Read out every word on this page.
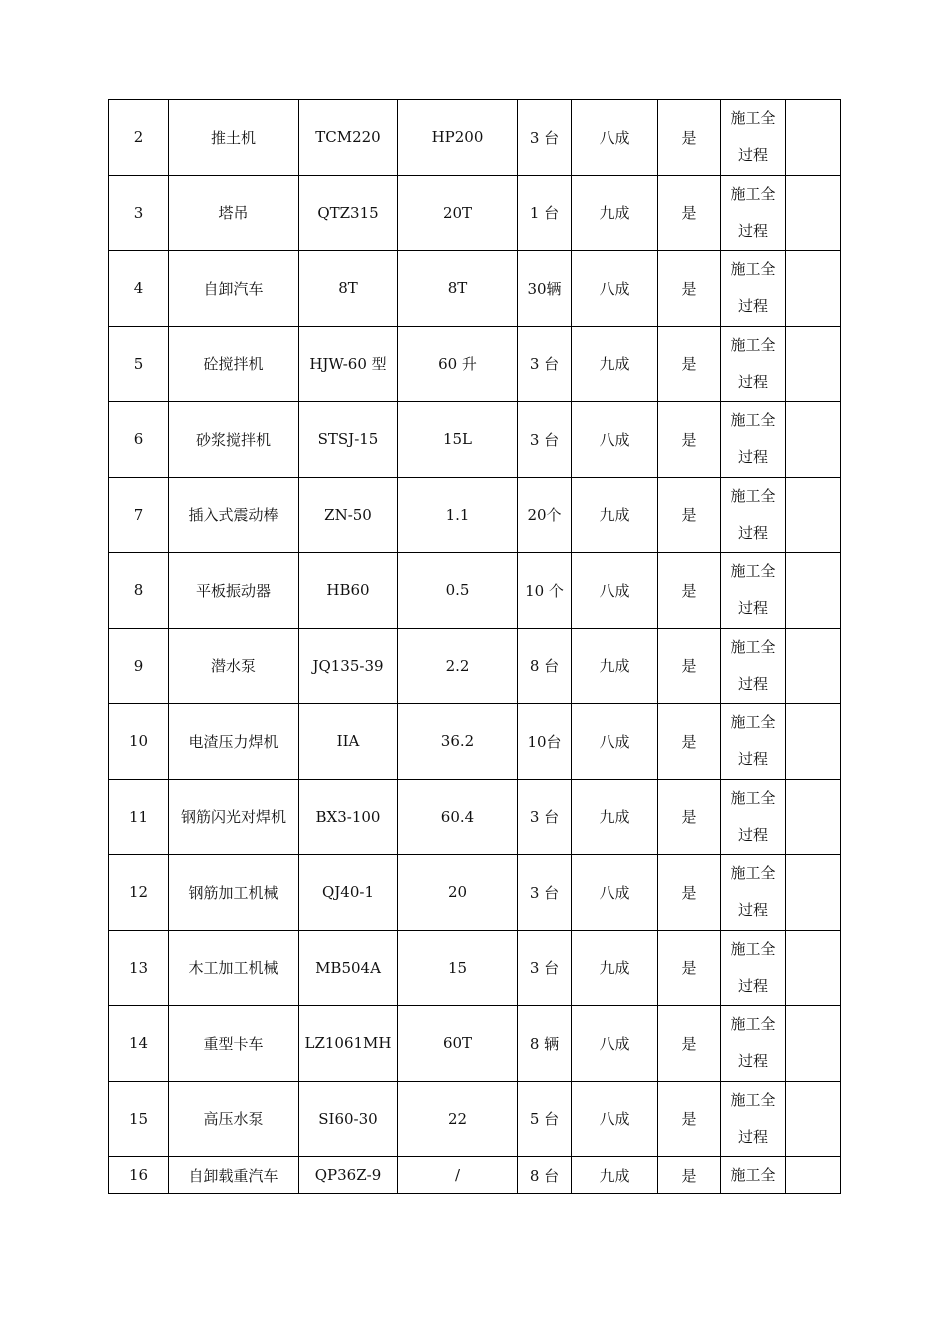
2	推土机	TCM220	HP200	3 台	八成	是	施工全过程	

3	塔吊	QTZ315	20T	1 台	九成	是	施工全过程	

4	自卸汽车	8T	8T	30辆	八成	是	施工全过程	

5	砼搅拌机	HJW-60 型	60 升	3 台	九成	是	施工全过程	

6	砂浆搅拌机	STSJ-15	15L	3 台	八成	是	施工全过程	

7	插入式震动棒	ZN-50	1.1	20个	九成	是	施工全过程	

8	平板振动器	HB60	0.5	10 个	八成	是	施工全过程	

9	潜水泵	JQ135-39	2.2	8 台	九成	是	施工全过程	

10	电渣压力焊机	IIA	36.2	10台	八成	是	施工全过程	

11	钢筋闪光对焊机	BX3-100	60.4	3 台	九成	是	施工全过程	

12	钢筋加工机械	QJ40-1	20	3 台	八成	是	施工全过程	

13	木工加工机械	MB504A	15	3 台	九成	是	施工全过程	

14	重型卡车	LZ1061MH	60T	8 辆	八成	是	施工全过程	

15	高压水泵	SI60-30	22	5 台	八成	是	施工全过程	

16	自卸载重汽车	QP36Z-9	/	8 台	九成	是	施工全	
